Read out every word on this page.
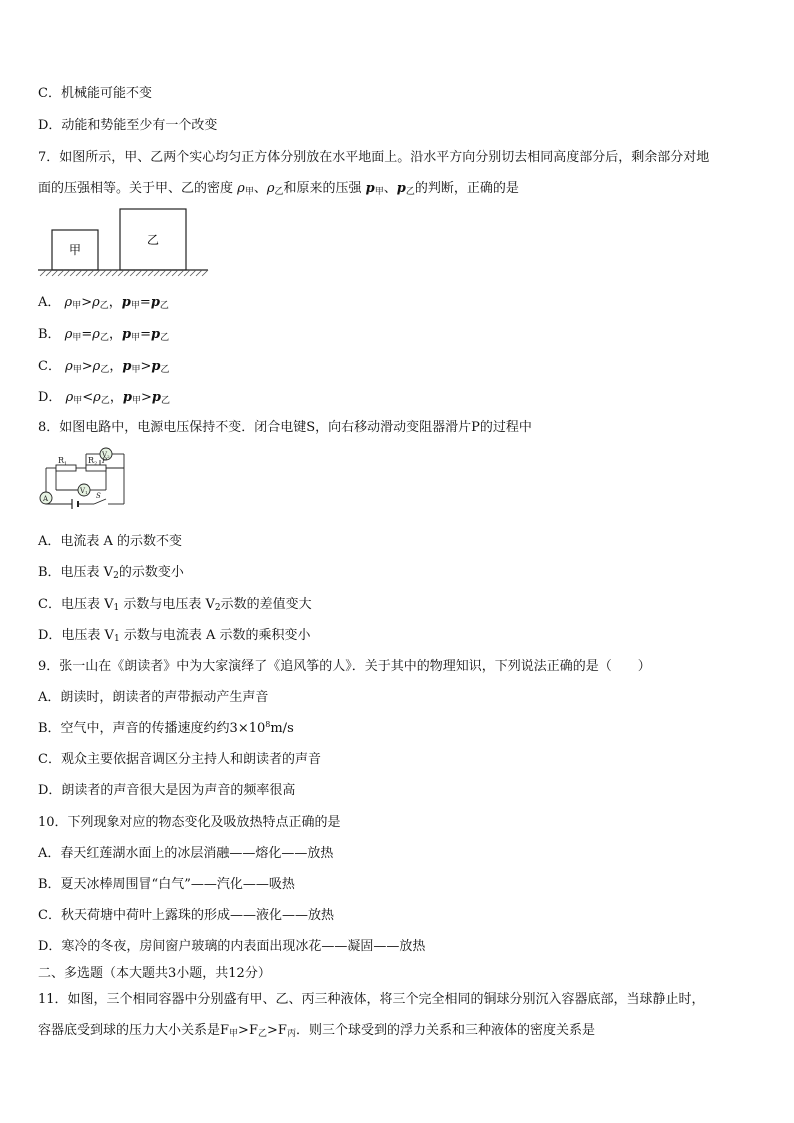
C．机械能可能不变
D．动能和势能至少有一个改变
7．如图所示，甲、乙两个实心均匀正方体分别放在水平地面上。沿水平方向分别切去相同高度部分后，剩余部分对地
面的压强相等。关于甲、乙的密度 $\rho_甲$、$\rho_乙$和原来的压强 $p_甲$、$p_乙$的判断，正确的是
甲
乙
A． $\rho_甲>\rho_乙$，$p_甲=p_乙$
B． $\rho_甲=\rho_乙$，$p_甲=p_乙$
C． $\rho_甲>\rho_乙$，$p_甲>p_乙$
D． $\rho_甲<\rho_乙$，$p_甲>p_乙$
8．如图电路中，电源电压保持不变．闭合电键S，向右移动滑动变阻器滑片P的过程中
$R_1$	$R_2$ P
V2
V1
A	S
A．电流表 A 的示数不变
B．电压表 $V_2$的示数变小
C．电压表 $V_1$ 示数与电压表 $V_2$示数的差值变大
D．电压表 $V_1$ 示数与电流表 A 示数的乘积变小
9．张一山在《朗读者》中为大家演绎了《追风筝的人》．关于其中的物理知识，下列说法正确的是（　　）
A．朗读时，朗读者的声带振动产生声音
B．空气中，声音的传播速度约约$3\times 10^8m/s$
C．观众主要依据音调区分主持人和朗读者的声音
D．朗读者的声音很大是因为声音的频率很高
10．下列现象对应的物态变化及吸放热特点正确的是
A．春天红莲湖水面上的冰层消融——熔化——放热
B．夏天冰棒周围冒“白气”——汽化——吸热
C．秋天荷塘中荷叶上露珠的形成——液化——放热
D．寒冷的冬夜，房间窗户玻璃的内表面出现冰花——凝固——放热
二、多选题（本大题共3小题，共12分）
11．如图，三个相同容器中分别盛有甲、乙、丙三种液体，将三个完全相同的铜球分别沉入容器底部，当球静止时，
容器底受到球的压力大小关系是$F_甲>F_乙>F_丙$．则三个球受到的浮力关系和三种液体的密度关系是
